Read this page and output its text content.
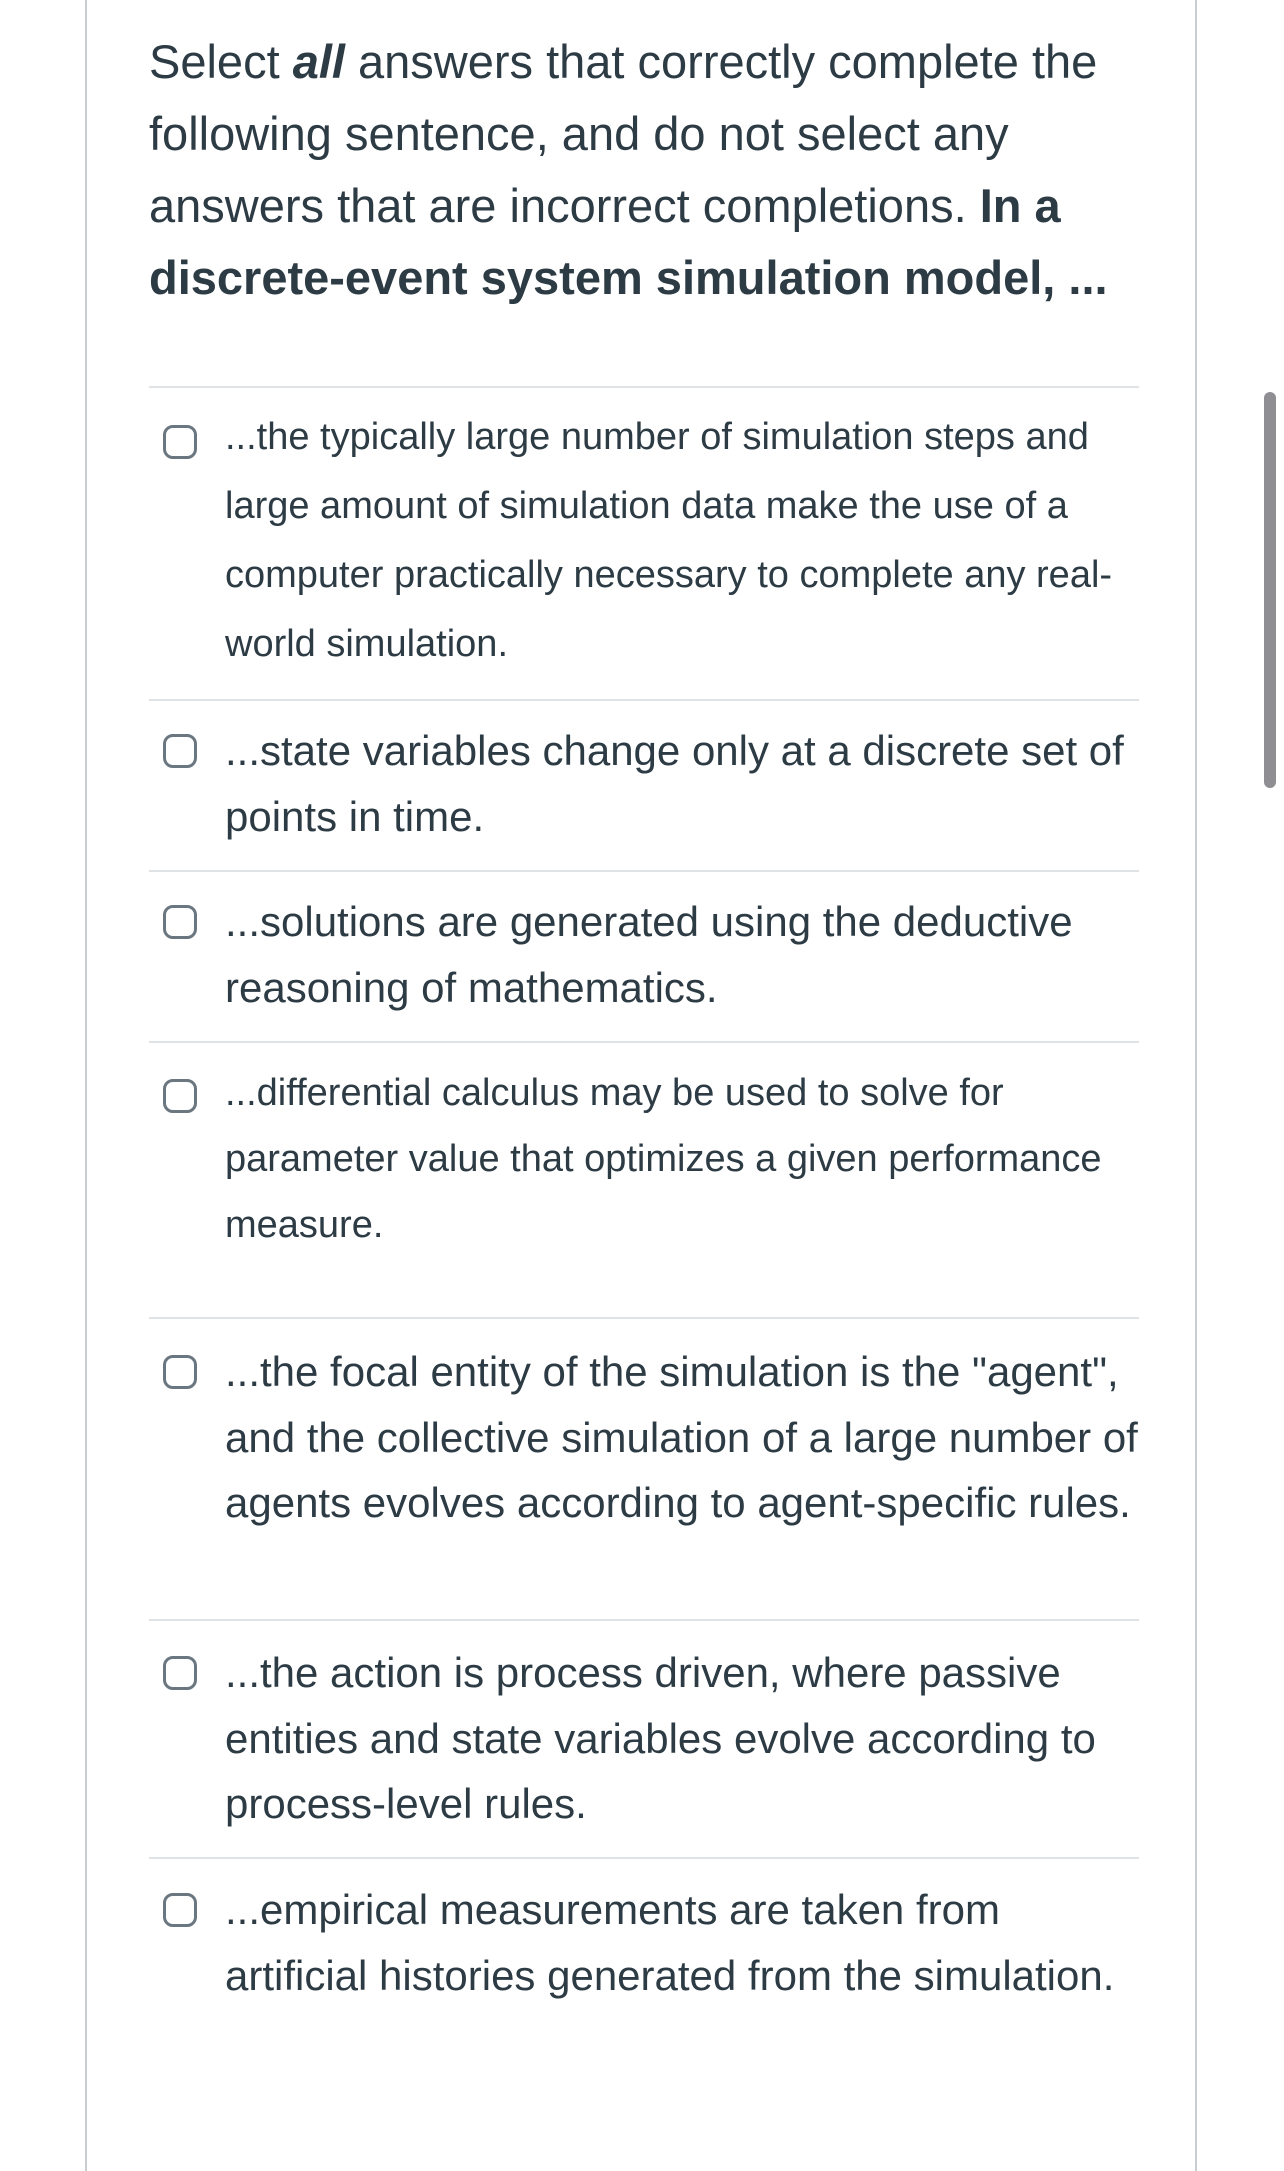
Select all answers that correctly complete the following sentence, and do not select any answers that are incorrect completions. In a discrete-event system simulation model, ...
...the typically large number of simulation steps and large amount of simulation data make the use of a computer practically necessary to complete any real-world simulation.
...state variables change only at a discrete set of points in time.
...solutions are generated using the deductive reasoning of mathematics.
...differential calculus may be used to solve for parameter value that optimizes a given performance measure.
...the focal entity of the simulation is the "agent", and the collective simulation of a large number of agents evolves according to agent-specific rules.
...the action is process driven, where passive entities and state variables evolve according to process-level rules.
...empirical measurements are taken from artificial histories generated from the simulation.
